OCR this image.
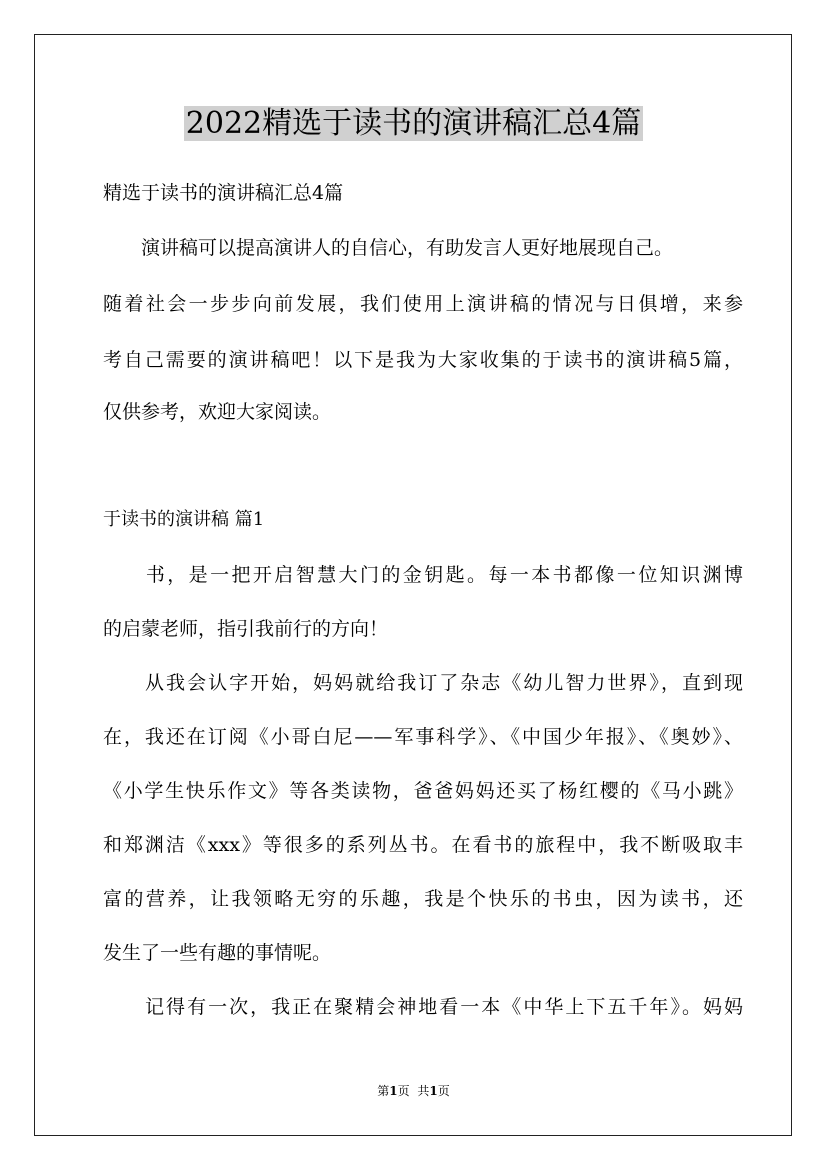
2022精选于读书的演讲稿汇总4篇

精选于读书的演讲稿汇总4篇

　　演讲稿可以提高演讲人的自信心，有助发言人更好地展现自己。

随着社会一步步向前发展，我们使用上演讲稿的情况与日俱增，来参

考自己需要的演讲稿吧！以下是我为大家收集的于读书的演讲稿5篇，

仅供参考，欢迎大家阅读。

于读书的演讲稿 篇1

　　书，是一把开启智慧大门的金钥匙。每一本书都像一位知识渊博

的启蒙老师，指引我前行的方向！

　　从我会认字开始，妈妈就给我订了杂志《幼儿智力世界》，直到现

在，我还在订阅《小哥白尼——军事科学》、《中国少年报》、《奥妙》、

《小学生快乐作文》等各类读物，爸爸妈妈还买了杨红樱的《马小跳》

和郑渊洁《xxx》等很多的系列丛书。在看书的旅程中，我不断吸取丰

富的营养，让我领略无穷的乐趣，我是个快乐的书虫，因为读书，还

发生了一些有趣的事情呢。

　　记得有一次，我正在聚精会神地看一本《中华上下五千年》。妈妈

第1页 共1页
